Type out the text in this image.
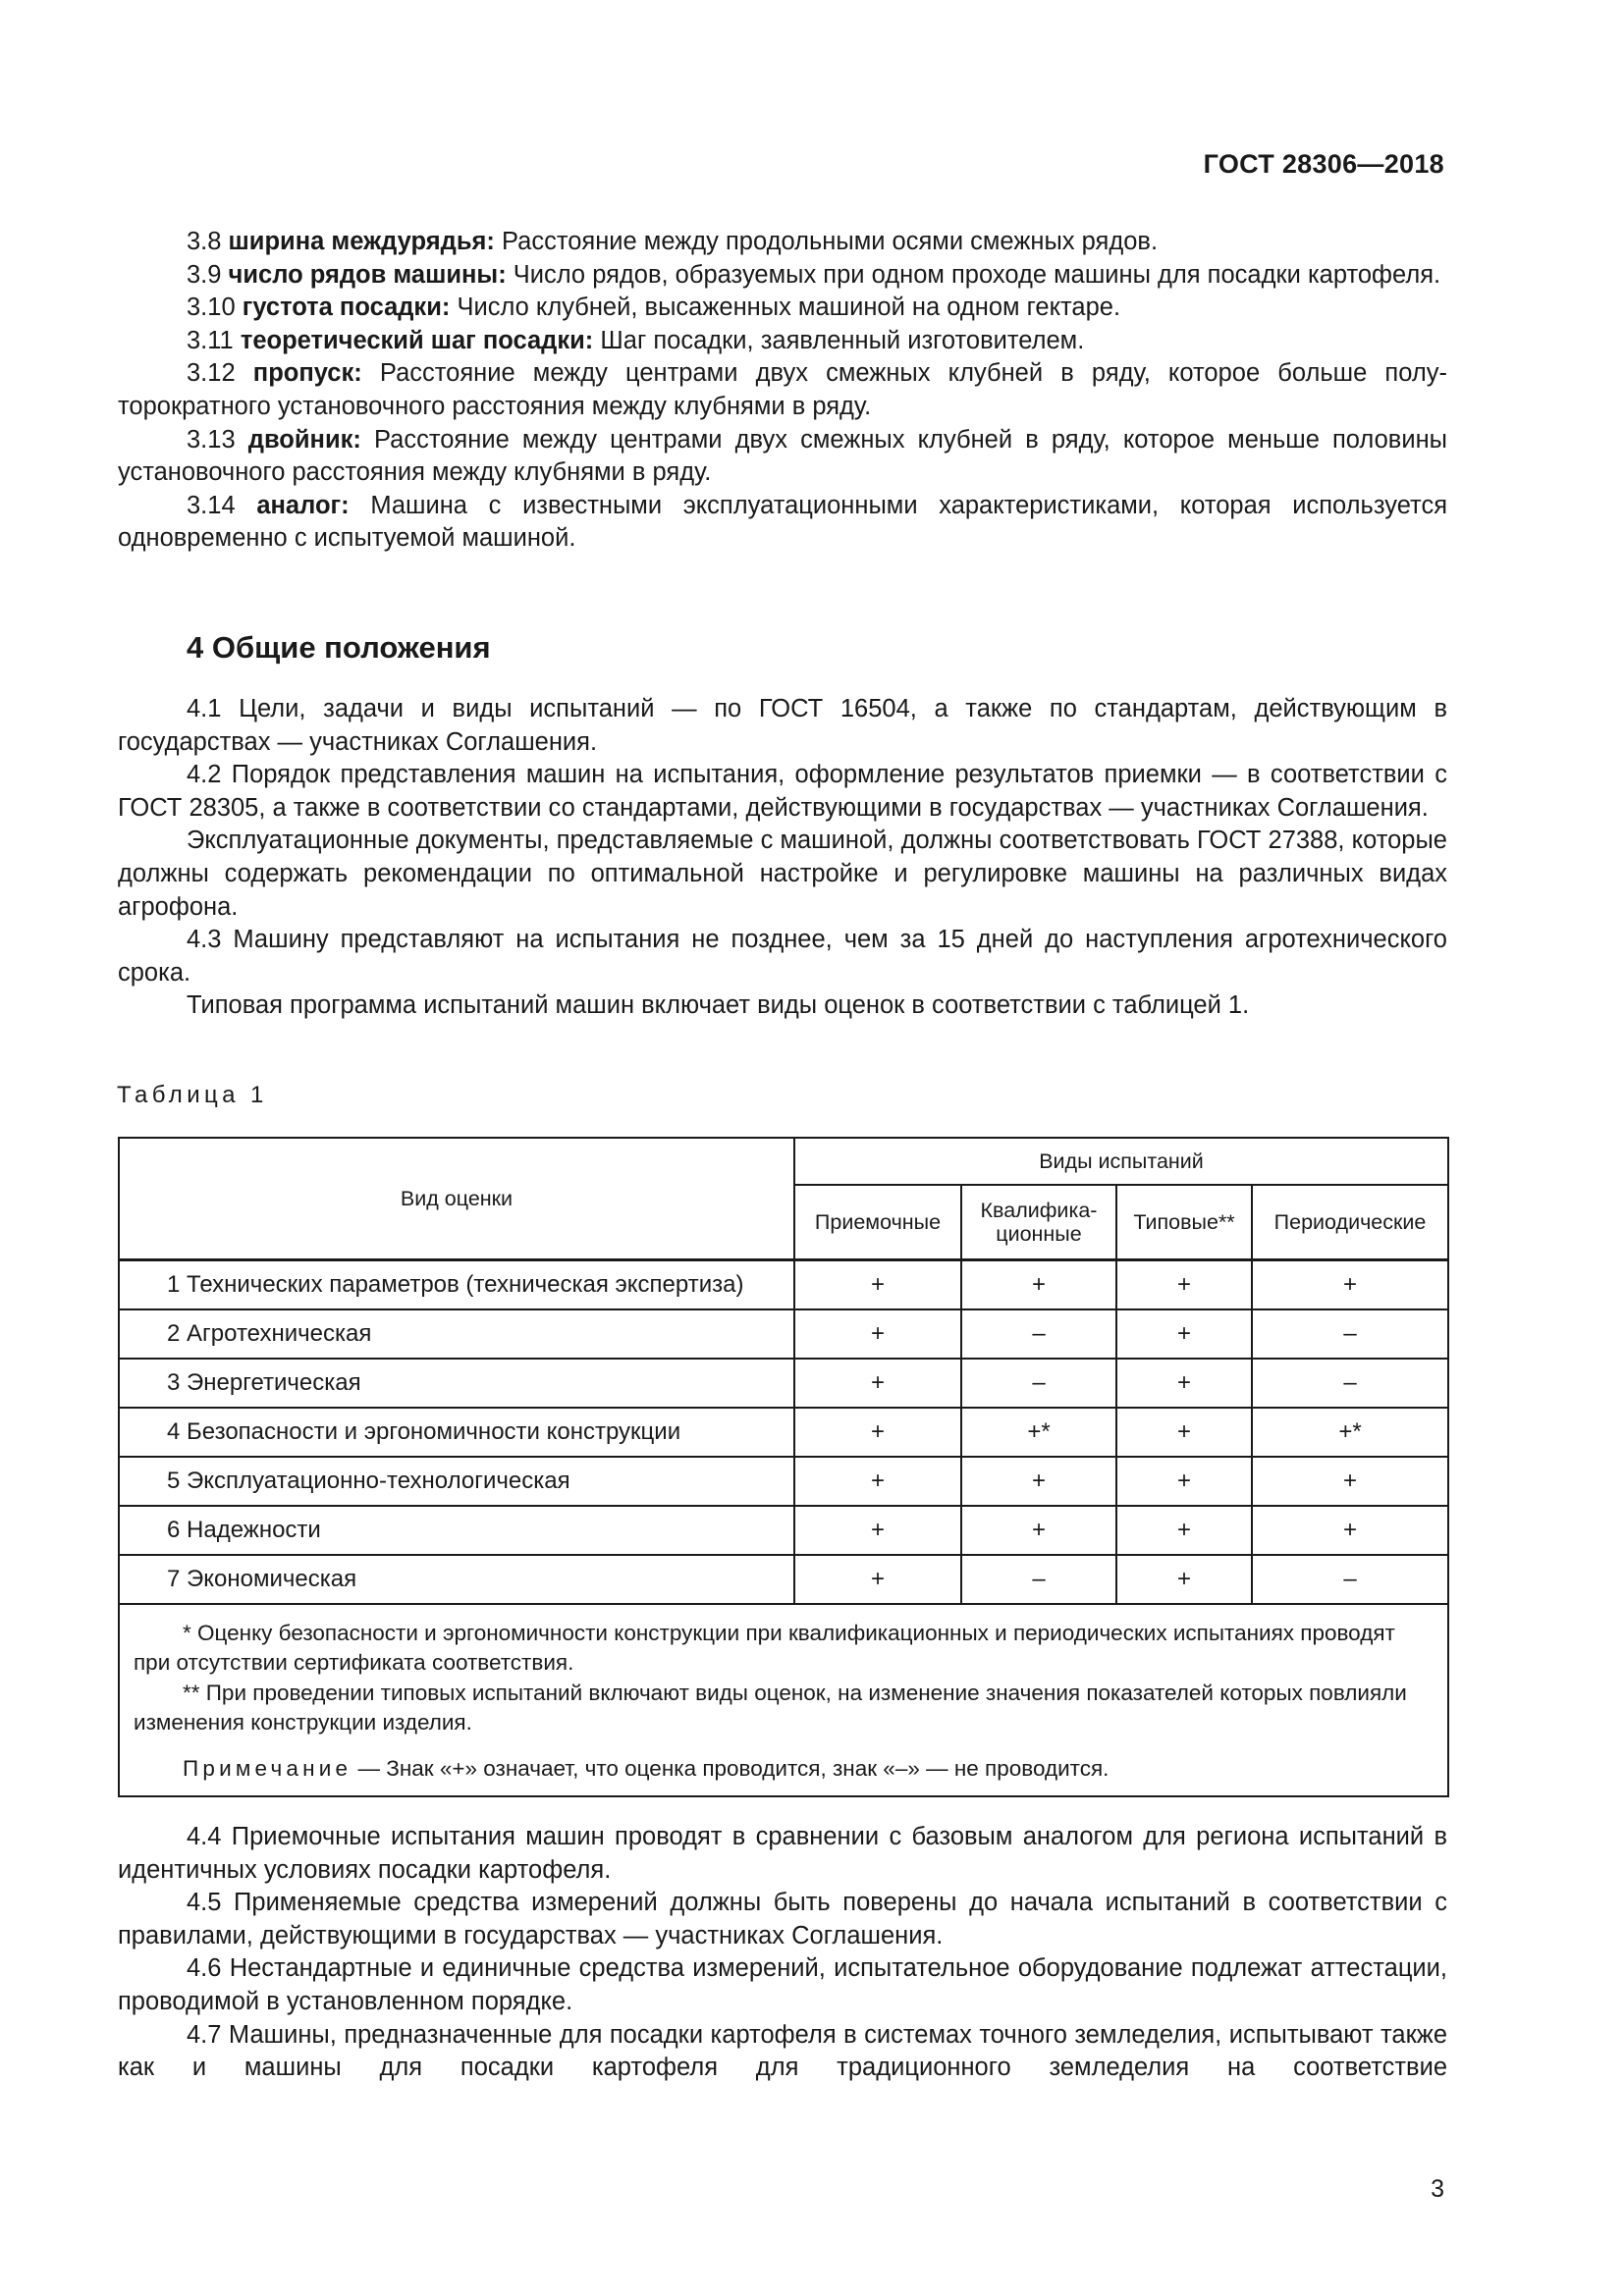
ГОСТ 28306—2018

3.8 ширина междурядья: Расстояние между продольными осями смежных рядов.

3.9 число рядов машины: Число рядов, образуемых при одном проходе машины для посадки картофеля.

3.10 густота посадки: Число клубней, высаженных машиной на одном гектаре.

3.11 теоретический шаг посадки: Шаг посадки, заявленный изготовителем.

3.12 пропуск: Расстояние между центрами двух смежных клубней в ряду, которое больше полуторократного установочного расстояния между клубнями в ряду.

3.13 двойник: Расстояние между центрами двух смежных клубней в ряду, которое меньше половины установочного расстояния между клубнями в ряду.

3.14 аналог: Машина с известными эксплуатационными характеристиками, которая используется одновременно с испытуемой машиной.

4 Общие положения

4.1 Цели, задачи и виды испытаний — по ГОСТ 16504, а также по стандартам, действующим в государствах — участниках Соглашения.

4.2 Порядок представления машин на испытания, оформление результатов приемки — в соответствии с ГОСТ 28305, а также в соответствии со стандартами, действующими в государствах — участниках Соглашения.

Эксплуатационные документы, представляемые с машиной, должны соответствовать ГОСТ 27388, которые должны содержать рекомендации по оптимальной настройке и регулировке машины на различных видах агрофона.

4.3 Машину представляют на испытания не позднее, чем за 15 дней до наступления агротехнического срока.

Типовая программа испытаний машин включает виды оценок в соответствии с таблицей 1.

Таблица 1
Вид оценки	Виды испытаний			
	Приемочные	Квалификационные	Типовые**	Периодические
1 Технических параметров (техническая экспертиза)	+	+	+	+
2 Агротехническая	+	–	+	–
3 Энергетическая	+	–	+	–
4 Безопасности и эргономичности конструкции	+	+*	+	+*
5 Эксплуатационно-технологическая	+	+	+	+
6 Надежности	+	+	+	+
7 Экономическая	+	–	+	–

* Оценку безопасности и эргономичности конструкции при квалификационных и периодических испытаниях проводят при отсутствии сертификата соответствия.

** При проведении типовых испытаний включают виды оценок, на изменение значения показателей которых повлияли изменения конструкции изделия.

Примечание — Знак «+» означает, что оценка проводится, знак «–» — не проводится.				

4.4 Приемочные испытания машин проводят в сравнении с базовым аналогом для региона испытаний в идентичных условиях посадки картофеля.

4.5 Применяемые средства измерений должны быть поверены до начала испытаний в соответствии с правилами, действующими в государствах — участниках Соглашения.

4.6 Нестандартные и единичные средства измерений, испытательное оборудование подлежат аттестации, проводимой в установленном порядке.

4.7 Машины, предназначенные для посадки картофеля в системах точного земледелия, испытывают также как и машины для посадки картофеля для традиционного земледелия на соответствие

3
